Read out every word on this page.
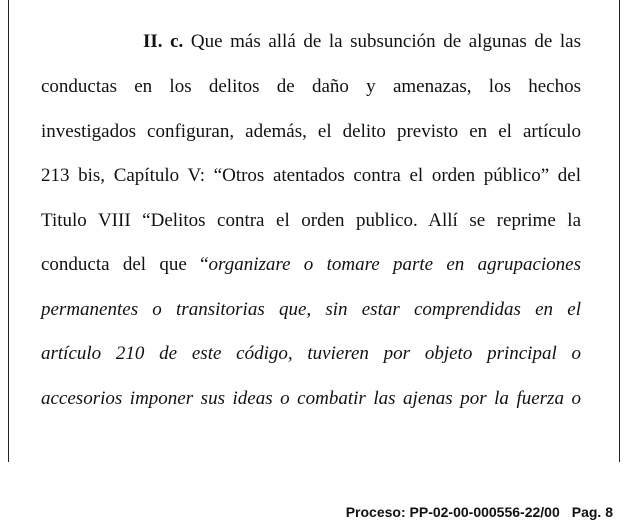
II. c. Que más allá de la subsunción de algunas de las
conductas en los delitos de daño y amenazas, los hechos
investigados configuran, además, el delito previsto en el artículo
213 bis, Capítulo V: “Otros atentados contra el orden público” del
Titulo VIII “Delitos contra el orden publico. Allí se reprime la
conducta del que “organizare o tomare parte en agrupaciones
permanentes o transitorias que, sin estar comprendidas en el
artículo 210 de este código, tuvieren por objeto principal o
accesorios imponer sus ideas o combatir las ajenas por la fuerza o
Proceso: PP-02-00-000556-22/00 Pag. 8
